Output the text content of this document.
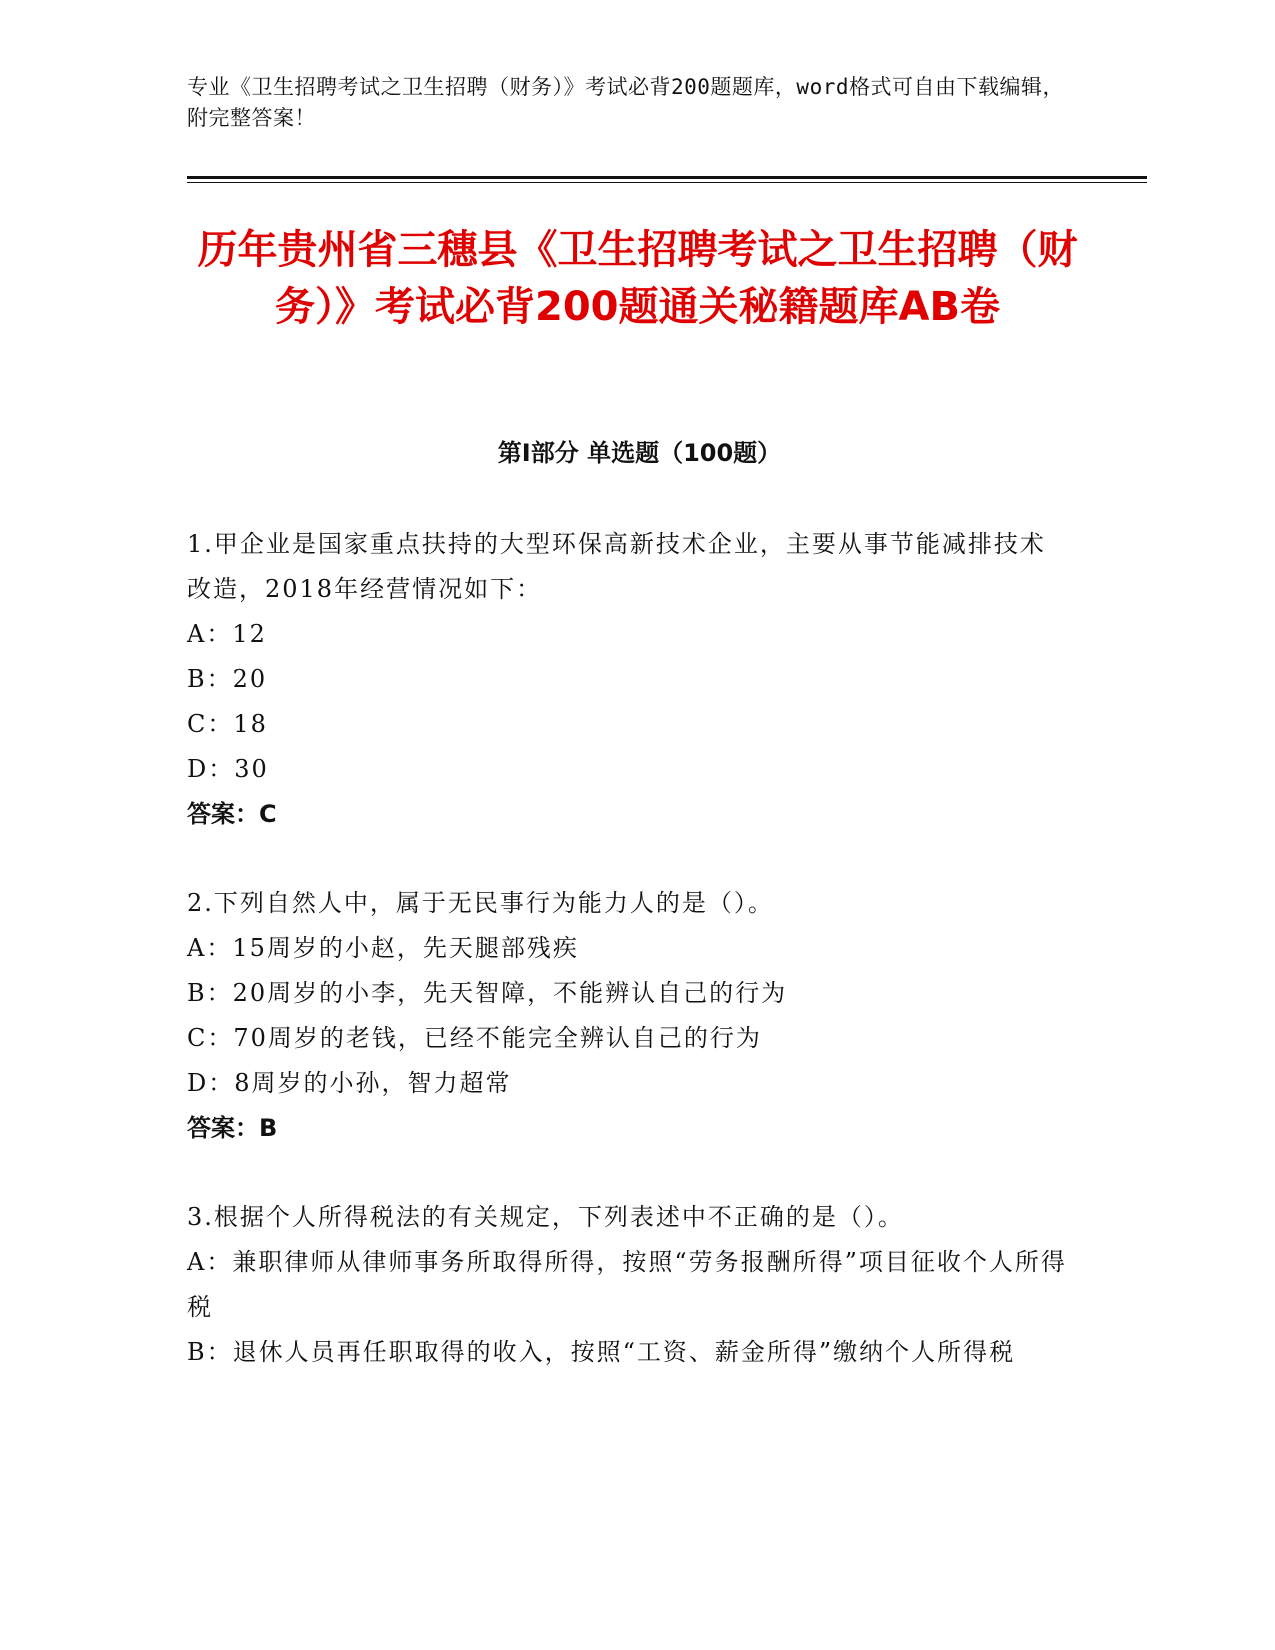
专业《卫生招聘考试之卫生招聘（财务）》考试必背200题题库，word格式可自由下载编辑，附完整答案！
历年贵州省三穗县《卫生招聘考试之卫生招聘（财务）》考试必背200题通关秘籍题库AB卷
第Ⅰ部分 单选题（100题）

1.甲企业是国家重点扶持的大型环保高新技术企业，主要从事节能减排技术改造，2018年经营情况如下：

A：12

B：20

C：18

D：30

答案：C

2.下列自然人中，属于无民事行为能力人的是（）。

A：15周岁的小赵，先天腿部残疾

B：20周岁的小李，先天智障，不能辨认自己的行为

C：70周岁的老钱，已经不能完全辨认自己的行为

D：8周岁的小孙，智力超常

答案：B

3.根据个人所得税法的有关规定，下列表述中不正确的是（）。

A：兼职律师从律师事务所取得所得，按照“劳务报酬所得”项目征收个人所得税

B：退休人员再任职取得的收入，按照“工资、薪金所得”缴纳个人所得税
